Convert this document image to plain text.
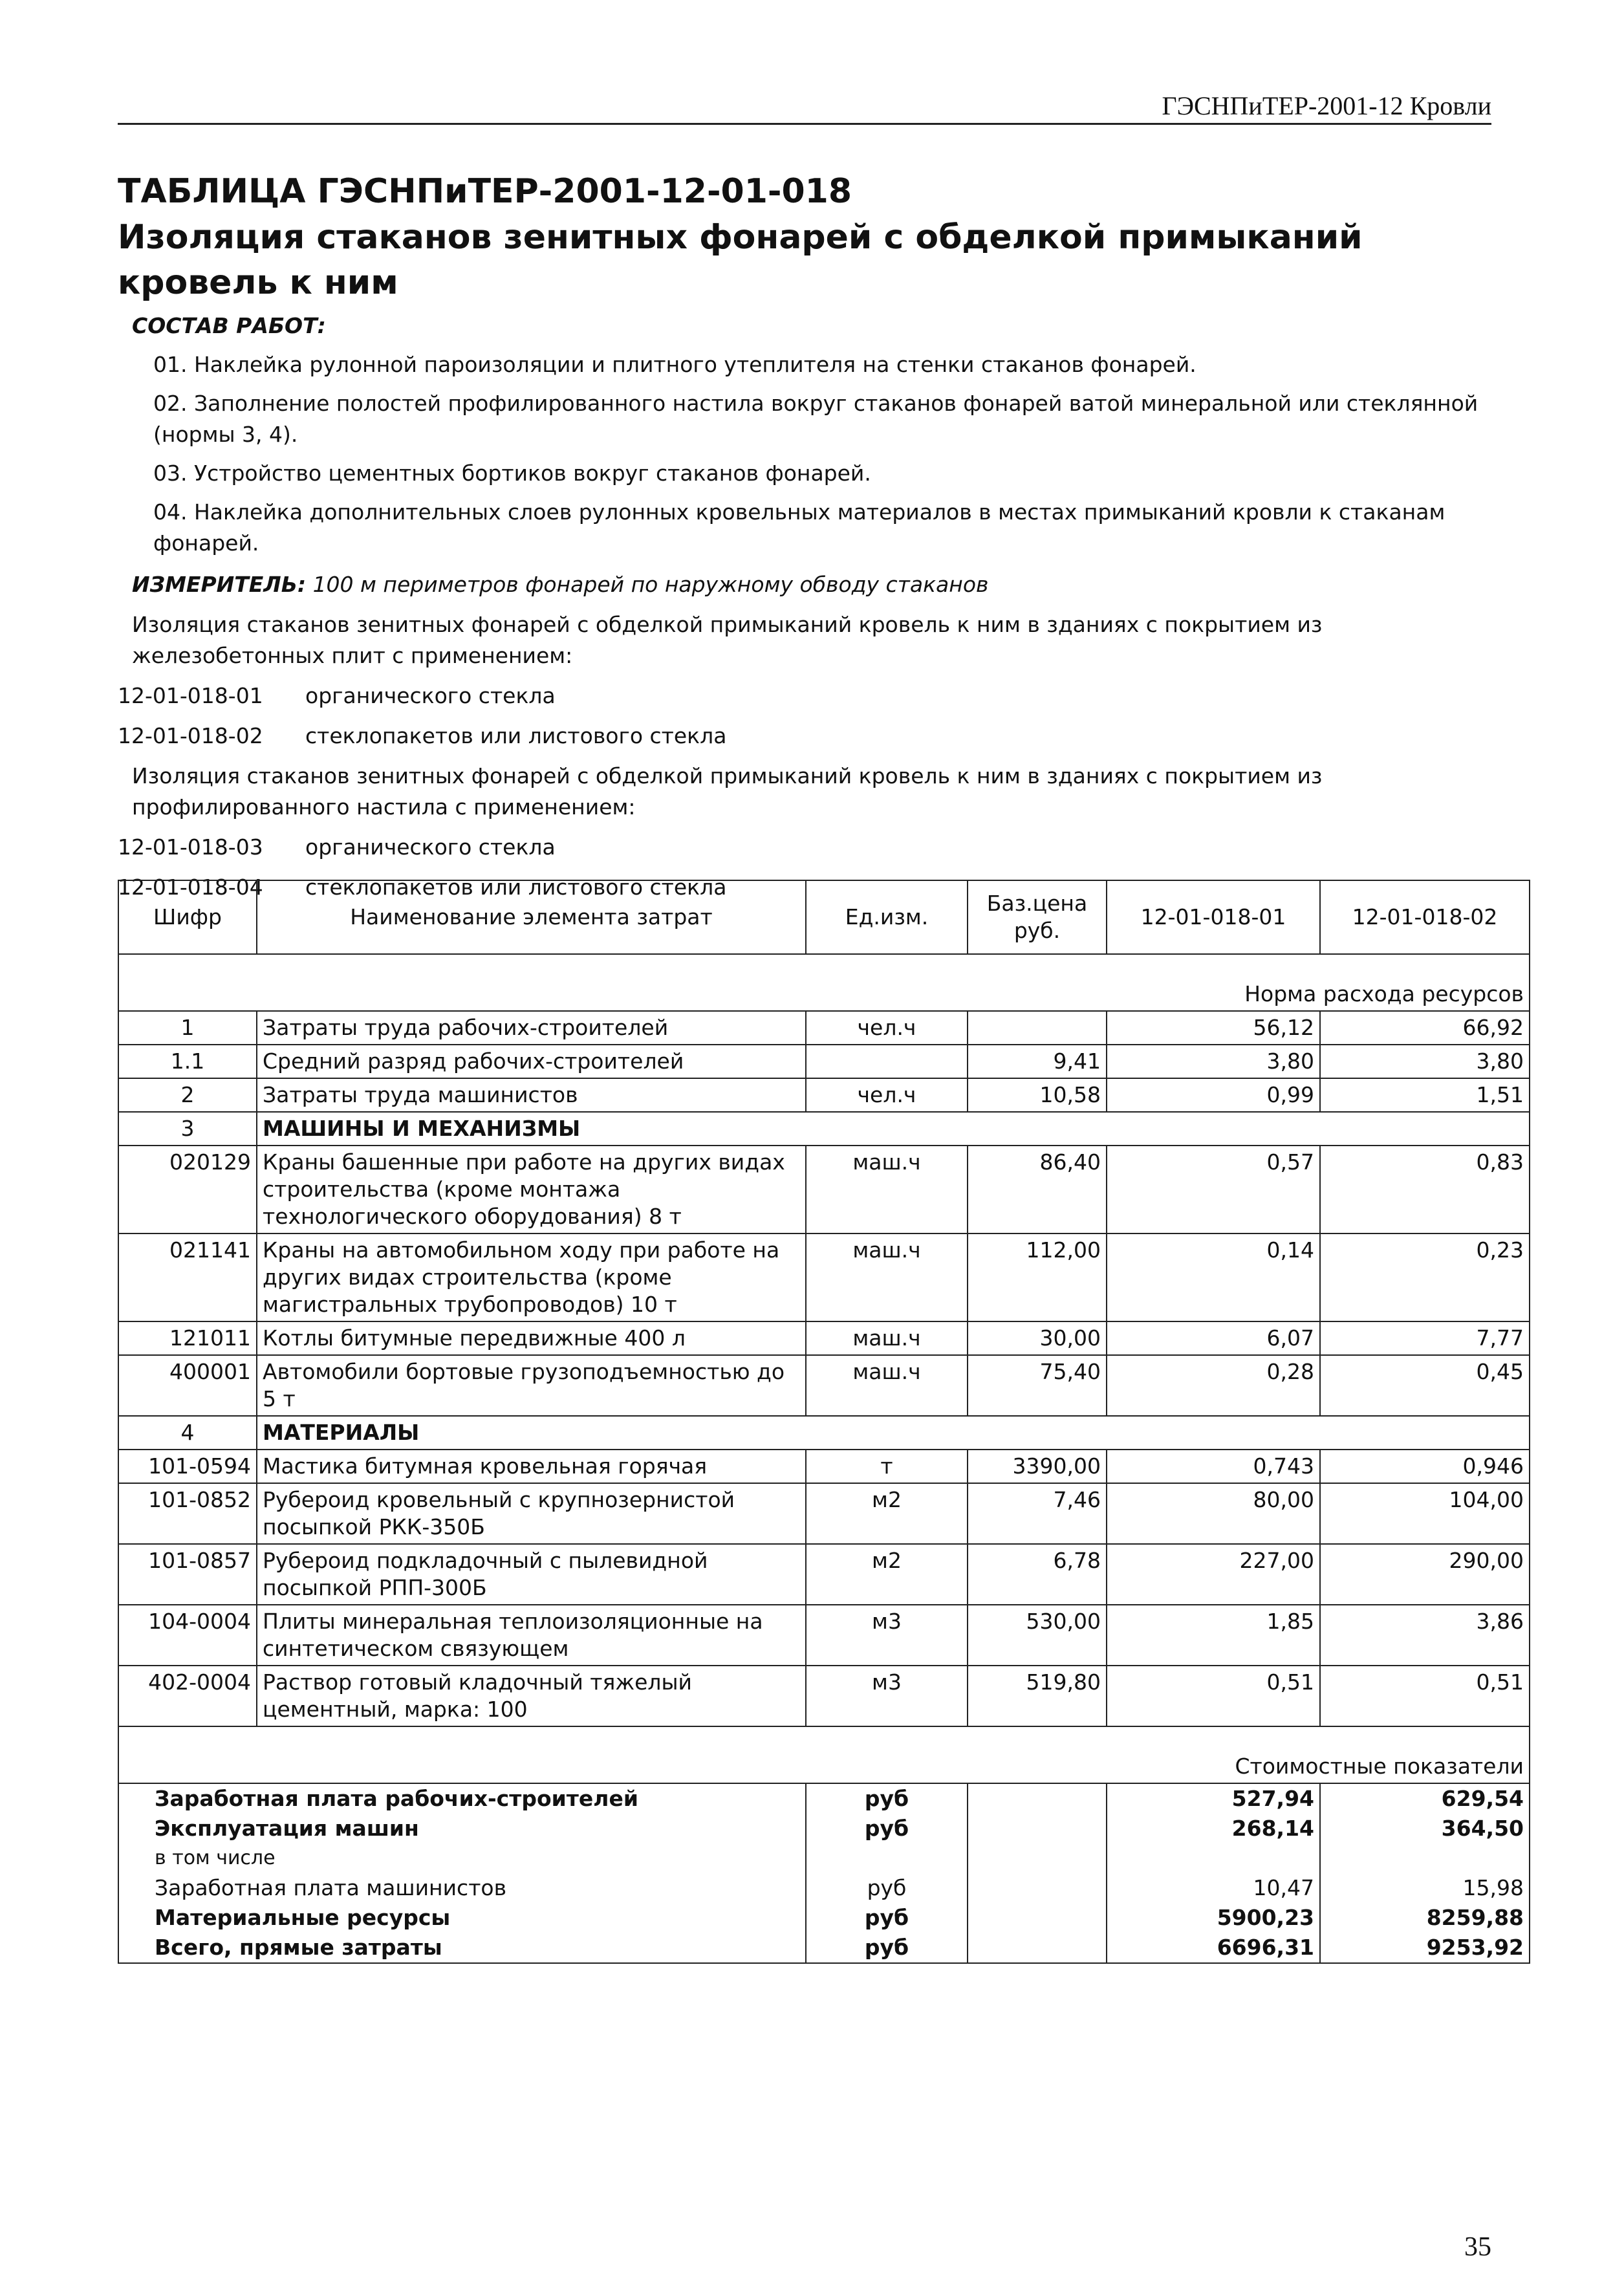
ГЭСНПиТЕР-2001-12 Кровли

ТАБЛИЦА ГЭСНПиТЕР-2001-12-01-018

Изоляция стаканов зенитных фонарей с обделкой примыканий
кровель к ним

СОСТАВ РАБОТ:
01. Наклейка рулонной пароизоляции и плитного утеплителя на стенки стаканов фонарей.
02. Заполнение полостей профилированного настила вокруг стаканов фонарей ватой минеральной или стеклянной (нормы 3, 4).
03. Устройство цементных бортиков вокруг стаканов фонарей.
04. Наклейка дополнительных слоев рулонных кровельных материалов в местах примыканий кровли к стаканам фонарей.
ИЗМЕРИТЕЛЬ: 100 м периметров фонарей по наружному обводу стаканов
Изоляция стаканов зенитных фонарей с обделкой примыканий кровель к ним в зданиях с покрытием из железобетонных плит с применением:
12-01-018-01	органического стекла
12-01-018-02	стеклопакетов или листового стекла
Изоляция стаканов зенитных фонарей с обделкой примыканий кровель к ним в зданиях с покрытием из профилированного настила с применением:
12-01-018-03	органического стекла
12-01-018-04	стеклопакетов или листового стекла
Шифр	Наименование элемента затрат	Ед.изм.	Баз.цена руб.	12-01-018-01	12-01-018-02
Норма расхода ресурсов					
1	Затраты труда рабочих-строителей	чел.ч		56,12	66,92
1.1	Средний разряд рабочих-строителей		9,41	3,80	3,80
2	Затраты труда машинистов	чел.ч	10,58	0,99	1,51
3	МАШИНЫ И МЕХАНИЗМЫ				
020129	Краны башенные при работе на других видах строительства (кроме монтажа технологического оборудования) 8 т	маш.ч	86,40	0,57	0,83
021141	Краны на автомобильном ходу при работе на других видах строительства (кроме магистральных трубопроводов) 10 т	маш.ч	112,00	0,14	0,23
121011	Котлы битумные передвижные 400 л	маш.ч	30,00	6,07	7,77
400001	Автомобили бортовые грузоподъемностью до 5 т	маш.ч	75,40	0,28	0,45
4	МАТЕРИАЛЫ				
101-0594	Мастика битумная кровельная горячая	т	3390,00	0,743	0,946
101-0852	Рубероид кровельный с крупнозернистой посыпкой РКК-350Б	м2	7,46	80,00	104,00
101-0857	Рубероид подкладочный с пылевидной посыпкой РПП-300Б	м2	6,78	227,00	290,00
104-0004	Плиты минеральная теплоизоляционные на синтетическом связующем	м3	530,00	1,85	3,86
402-0004	Раствор готовый кладочный тяжелый цементный, марка: 100	м3	519,80	0,51	0,51
Стоимостные показатели					
Заработная плата рабочих-строителей		руб		527,94	629,54
Эксплуатация машин		руб		268,14	364,50
в том числе					
Заработная плата машинистов		руб		10,47	15,98
Материальные ресурсы		руб		5900,23	8259,88
Всего, прямые затраты		руб		6696,31	9253,92
35
